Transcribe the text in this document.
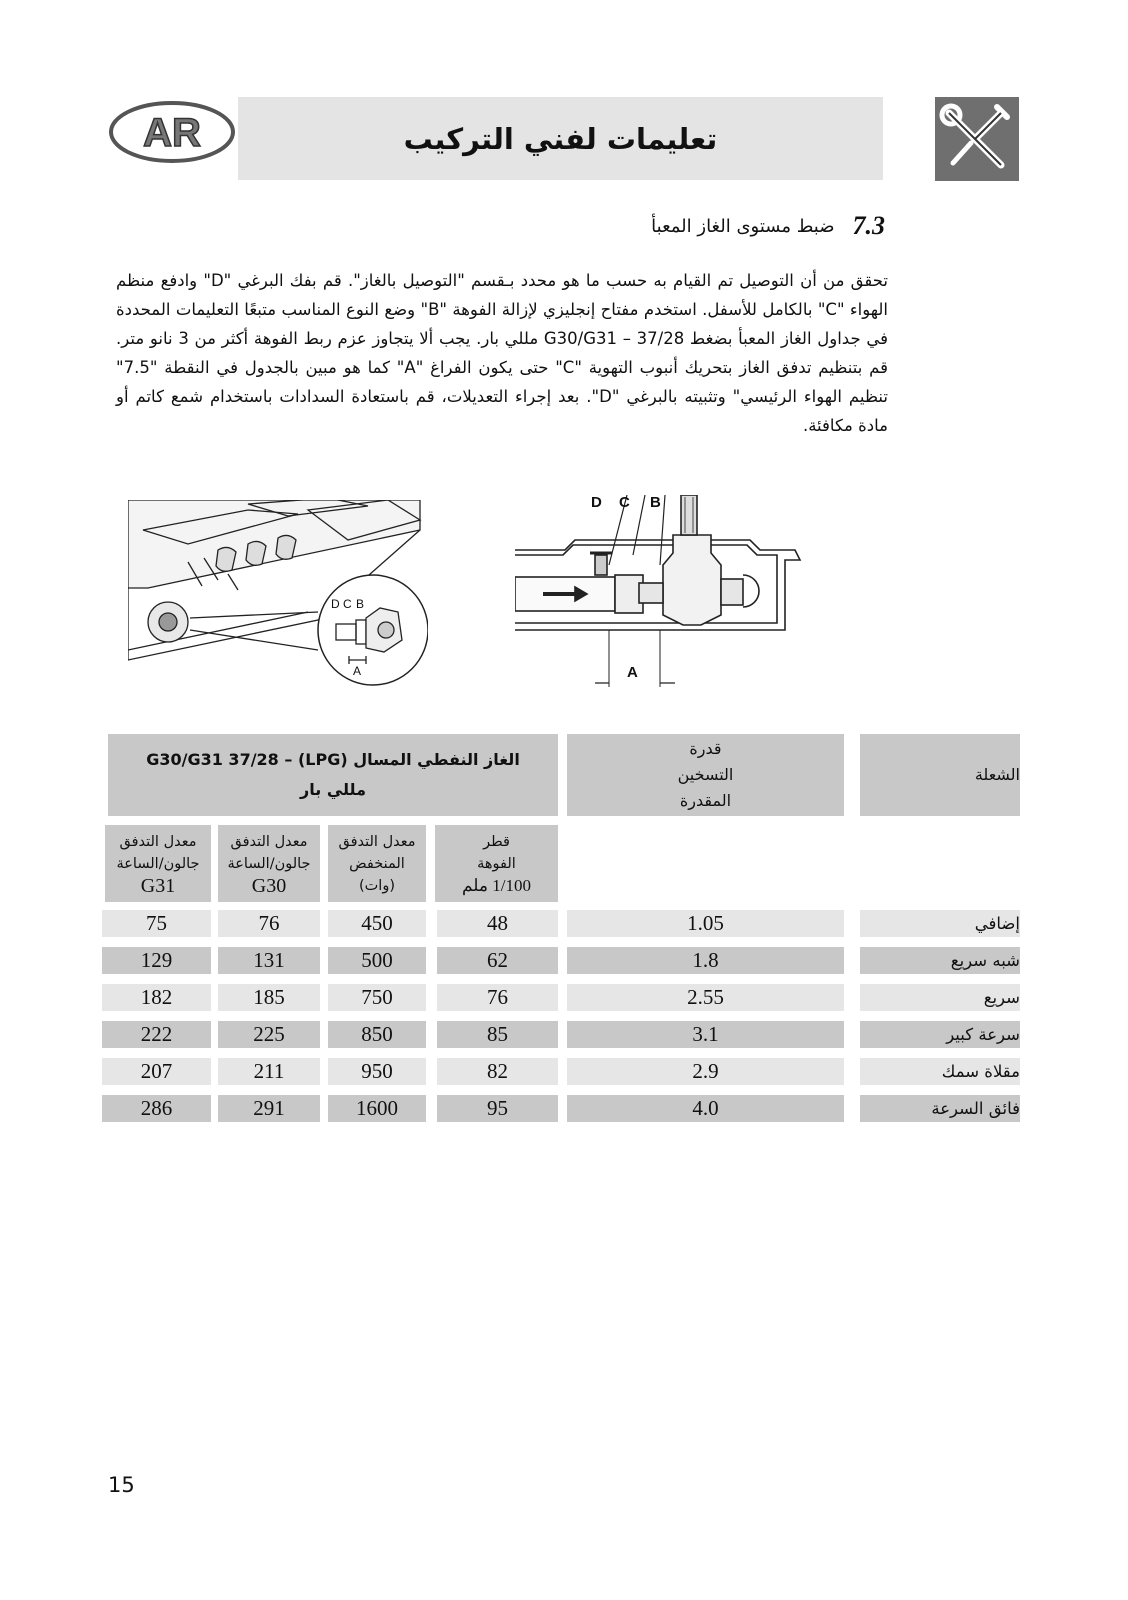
AR	تعليمات لفني التركيب
7.3
ضبط مستوى الغاز المعبأ

تحقق من أن التوصيل تم القيام به حسب ما هو محدد بـقسم "التوصيل بالغاز". قم بفك البرغي "D" وادفع منظم الهواء "C" بالكامل للأسفل. استخدم مفتاح إنجليزي لإزالة الفوهة "B" وضع النوع المناسب متبعًا التعليمات المحددة في جداول الغاز المعبأ بضغط G30/G31 – 37/28 مللي بار. يجب ألا يتجاوز عزم ربط الفوهة أكثر من 3 نانو متر. قم بتنظيم تدفق الغاز بتحريك أنبوب التهوية "C" حتى يكون الفراغ "A" كما هو مبين بالجدول في النقطة "7.5" تنظيم الهواء الرئيسي" وتثبيته بالبرغي "D". بعد إجراء التعديلات، قم باستعادة السدادات باستخدام شمع كاتم أو مادة مكافئة.

D C B
A
D C B
A
الشعلة
قدرة
التسخين
المقدرة
الغاز النفطي المسال (LPG) – G30/G31 37/28
مللي بار
قطر
الفوهة
1/100 ملم
معدل التدفق
المنخفض
(وات)
معدل التدفق
جالون/الساعة
G30
معدل التدفق
جالون/الساعة
G31
إضافي
1.05
48
450
76
75
شبه سريع
1.8
62
500
131
129
سريع
2.55
76
750
185
182
سرعة كبير
3.1
85
850
225
222
مقلاة سمك
2.9
82
950
211
207
فائق السرعة
4.0
95
1600
291
286
15
